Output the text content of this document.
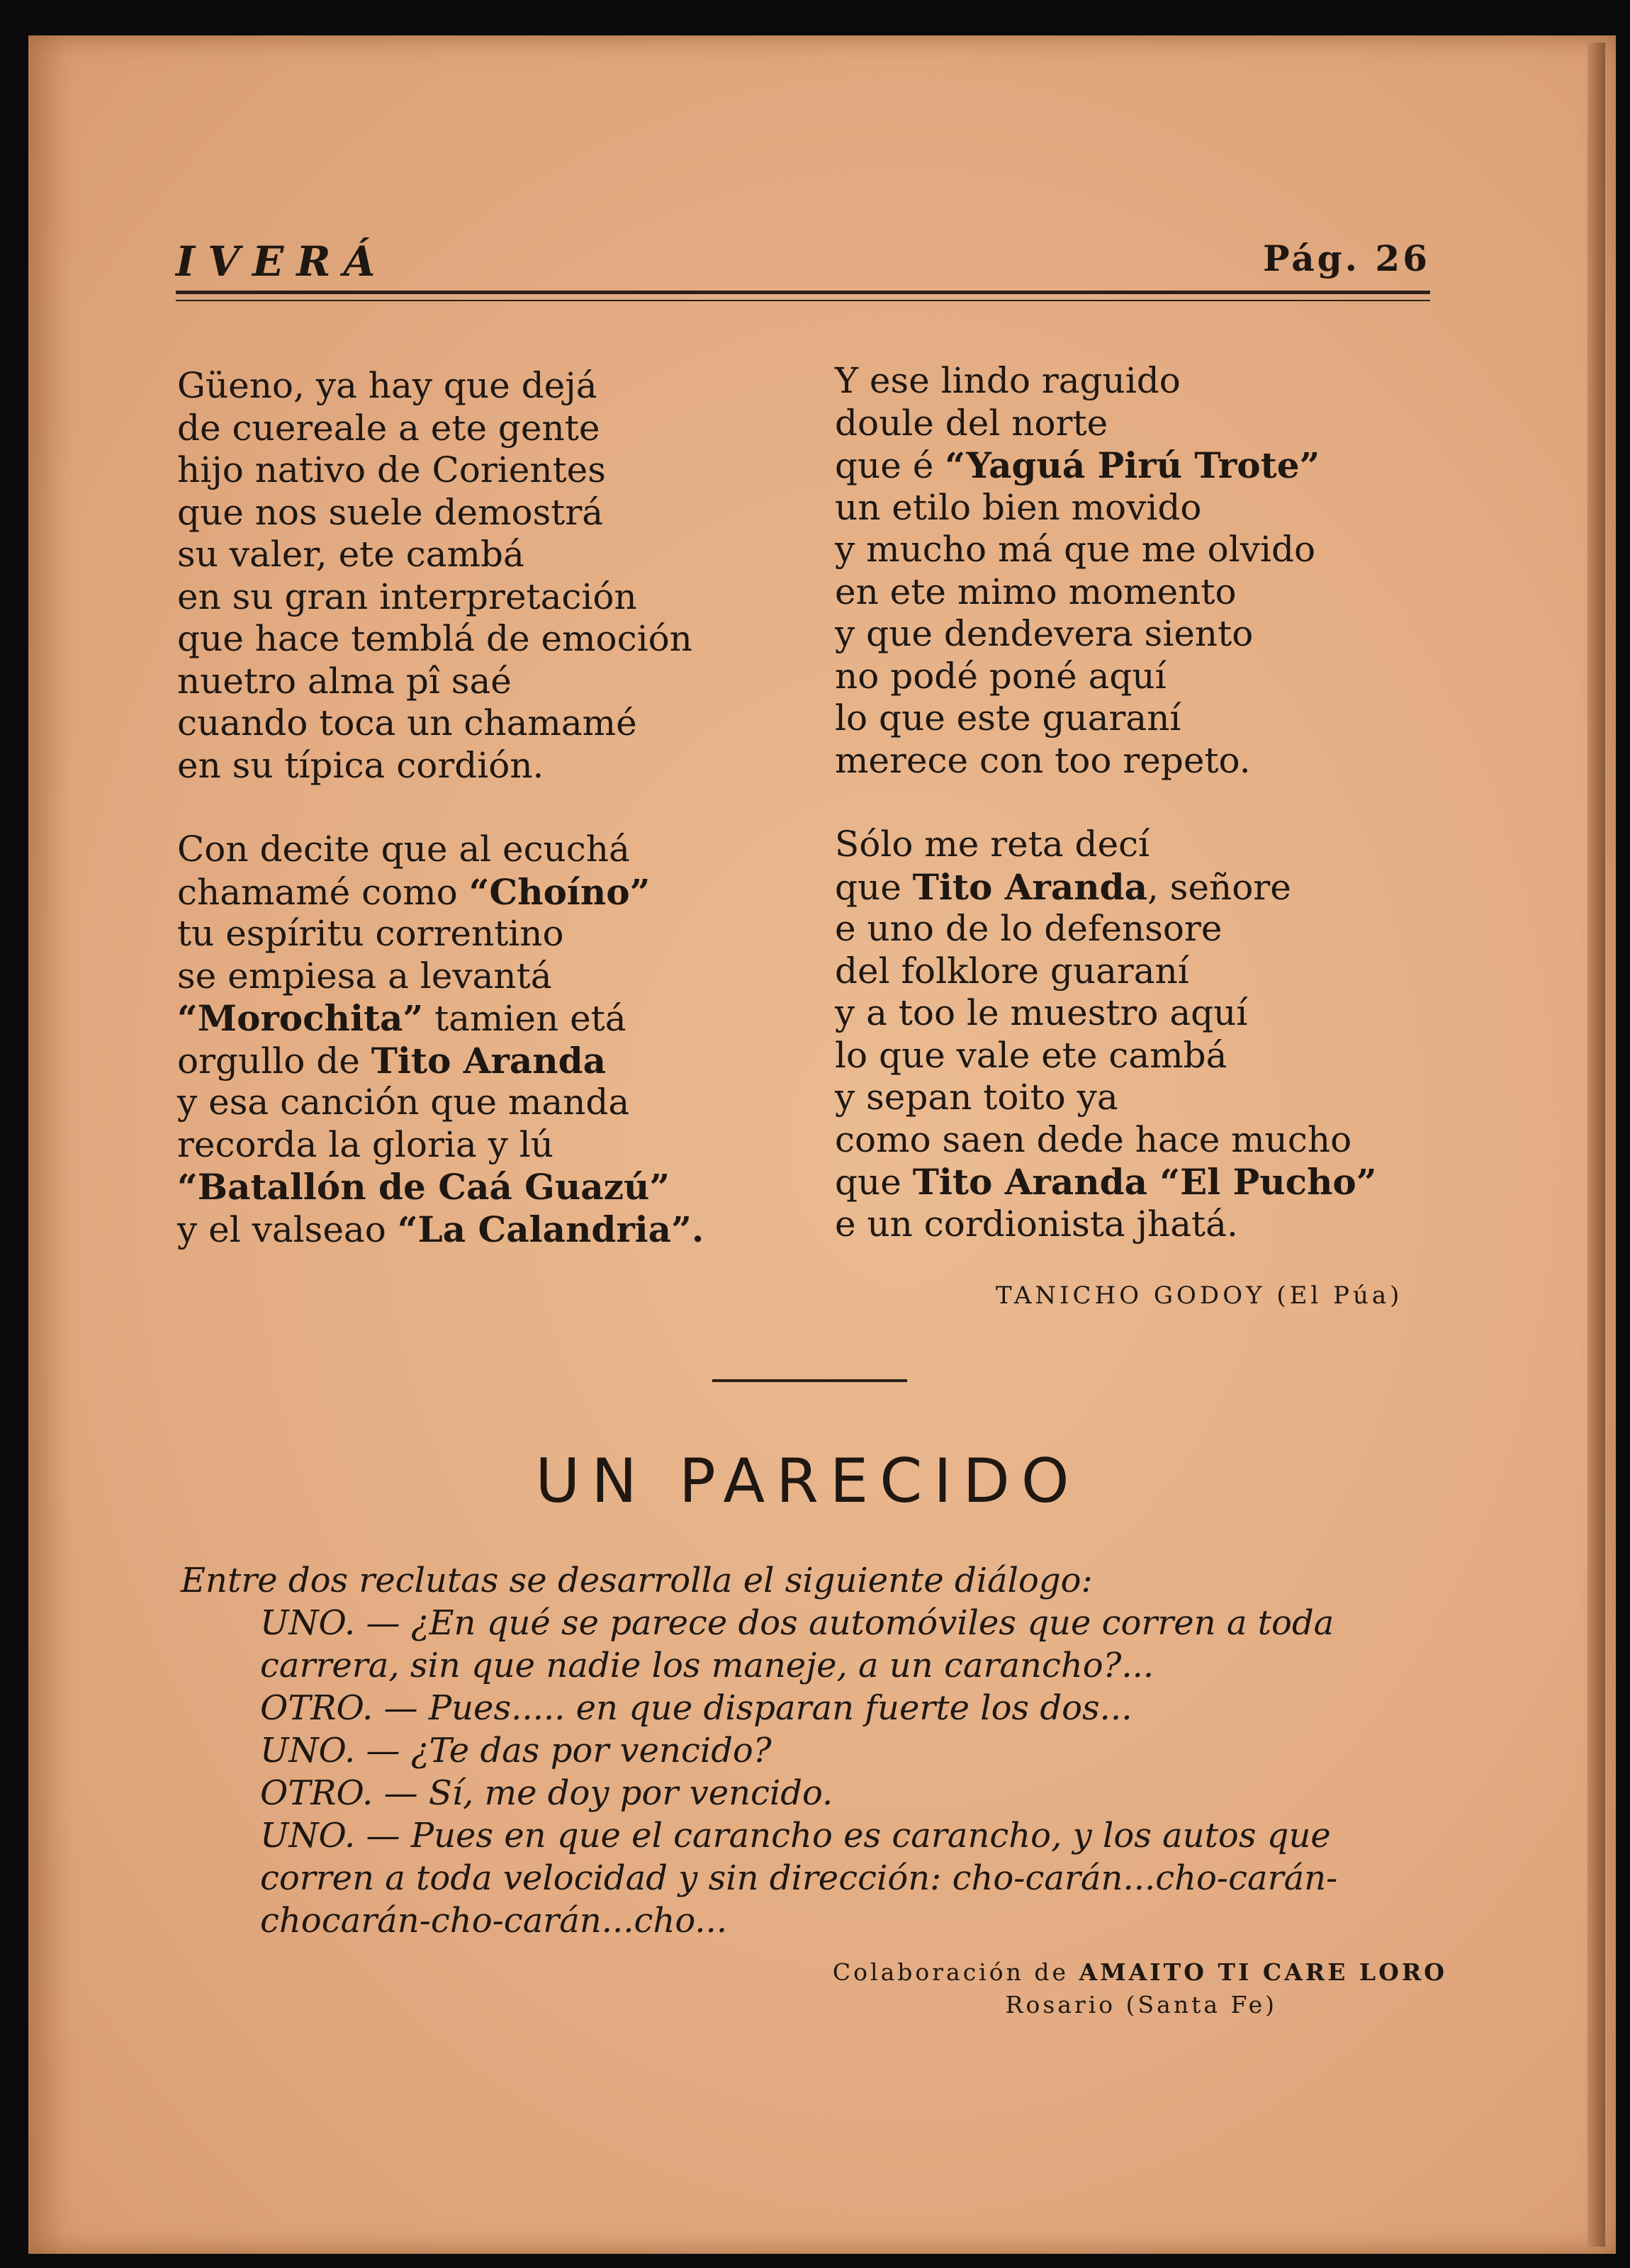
IVERÁ	Pág. 26
Güeno, ya hay que dejá
de cuereale a ete gente
hijo nativo de Corientes
que nos suele demostrá
su valer, ete cambá
en su gran interpretación
que hace temblá de emoción
nuetro alma pî saé
cuando toca un chamamé
en su típica cordión.
Con decite que al ecuchá
chamamé como “Choíno”
tu espíritu correntino
se empiesa a levantá
“Morochita” tamien etá
orgullo de Tito Aranda
y esa canción que manda
recorda la gloria y lú
“Batallón de Caá Guazú”
y el valseao “La Calandria”.
Y ese lindo raguido
doule del norte
que é “Yaguá Pirú Trote”
un etilo bien movido
y mucho má que me olvido
en ete mimo momento
y que dendevera siento
no podé poné aquí
lo que este guaraní
merece con too repeto.
Sólo me reta decí
que Tito Aranda, señore
e uno de lo defensore
del folklore guaraní
y a too le muestro aquí
lo que vale ete cambá
y sepan toito ya
como saen dede hace mucho
que Tito Aranda “El Pucho”
e un cordionista jhatá.
TANICHO GODOY (El Púa)
UN PARECIDO

Entre dos reclutas se desarrolla el siguiente diálogo:

UNO. — ¿En qué se parece dos automóviles que corren a toda carrera, sin que nadie los maneje, a un carancho?...

OTRO. — Pues..... en que disparan fuerte los dos...

UNO. — ¿Te das por vencido?

OTRO. — Sí, me doy por vencido.

UNO. — Pues en que el carancho es carancho, y los autos que corren a toda velocidad y sin dirección: cho-carán...cho-carán-chocarán-cho-carán...cho...

Colaboración de AMAITO TI CARE LORO
Rosario (Santa Fe)
